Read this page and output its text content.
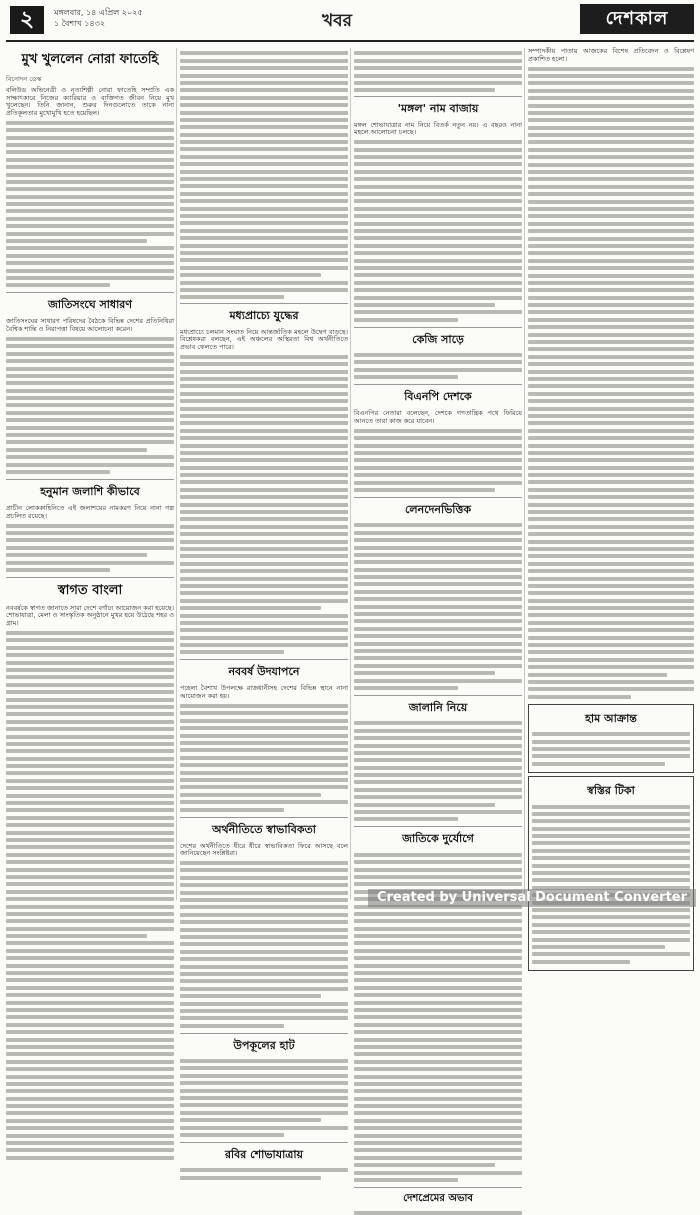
২	মঙ্গলবার, ১৪ এপ্রিল ২০২৫
১ বৈশাখ ১৪৩২	খবর	দেশকাল
মুখ খুললেন নোরা ফাতেহি
বিনোদন ডেস্ক
বলিউড অভিনেত্রী ও নৃত্যশিল্পী নোরা ফাতেহি সম্প্রতি এক সাক্ষাৎকারে নিজের ক্যারিয়ার ও ব্যক্তিগত জীবন নিয়ে মুখ খুলেছেন। তিনি জানান, শুরুর দিনগুলোতে তাকে নানা প্রতিকূলতার মুখোমুখি হতে হয়েছিল।
জাতিসংঘে সাধারণ
জাতিসংঘের সাধারণ পরিষদের বৈঠকে বিভিন্ন দেশের প্রতিনিধিরা বৈশ্বিক শান্তি ও নিরাপত্তা বিষয়ে আলোচনা করেন।
হনুমান জলাশি কীভাবে
প্রাচীন লোককাহিনিতে এই জলাশয়ের নামকরণ নিয়ে নানা গল্প প্রচলিত রয়েছে।
স্বাগত বাংলা
নববর্ষকে স্বাগত জানাতে সারা দেশে বর্ণাঢ্য আয়োজন করা হয়েছে। শোভাযাত্রা, মেলা ও সাংস্কৃতিক অনুষ্ঠানে মুখর হয়ে উঠেছে শহর ও গ্রাম।
মধ্যপ্রাচ্যে যুদ্ধের
মধ্যপ্রাচ্যে চলমান সংঘাত নিয়ে আন্তর্জাতিক মহলে উদ্বেগ বাড়ছে। বিশ্লেষকরা বলছেন, এই অঞ্চলের অস্থিরতা বিশ্ব অর্থনীতিতে প্রভাব ফেলতে পারে।
নববর্ষ উদযাপনে
পহেলা বৈশাখ উপলক্ষে রাজধানীসহ দেশের বিভিন্ন স্থানে নানা আয়োজন করা হয়।
অর্থনীতিতে স্বাভাবিকতা
দেশের অর্থনীতিতে ধীরে ধীরে স্বাভাবিকতা ফিরে আসছে বলে জানিয়েছেন সংশ্লিষ্টরা।
উপকূলের হাট
রবির শোভাযাত্রায়
'মঙ্গল' নাম বাজায়
মঙ্গল শোভাযাত্রার নাম নিয়ে বিতর্ক নতুন নয়। এ বছরও নানা মহলে আলোচনা চলছে।
কেজি সাড়ে
বিএনপি দেশকে
বিএনপির নেতারা বলেছেন, দেশকে গণতান্ত্রিক পথে ফিরিয়ে আনতে তারা কাজ করে যাবেন।
লেনদেনভিত্তিক
জালানি নিয়ে
জাতিকে দুর্যোগে
দেশপ্রেমের অভাব
সম্পাদকীয় পাতায় আজকের বিশেষ প্রতিবেদন ও বিশ্লেষণ প্রকাশিত হলো।
হাম আক্রান্ত
স্বস্তির টিকা
Created by Universal Document Converter
